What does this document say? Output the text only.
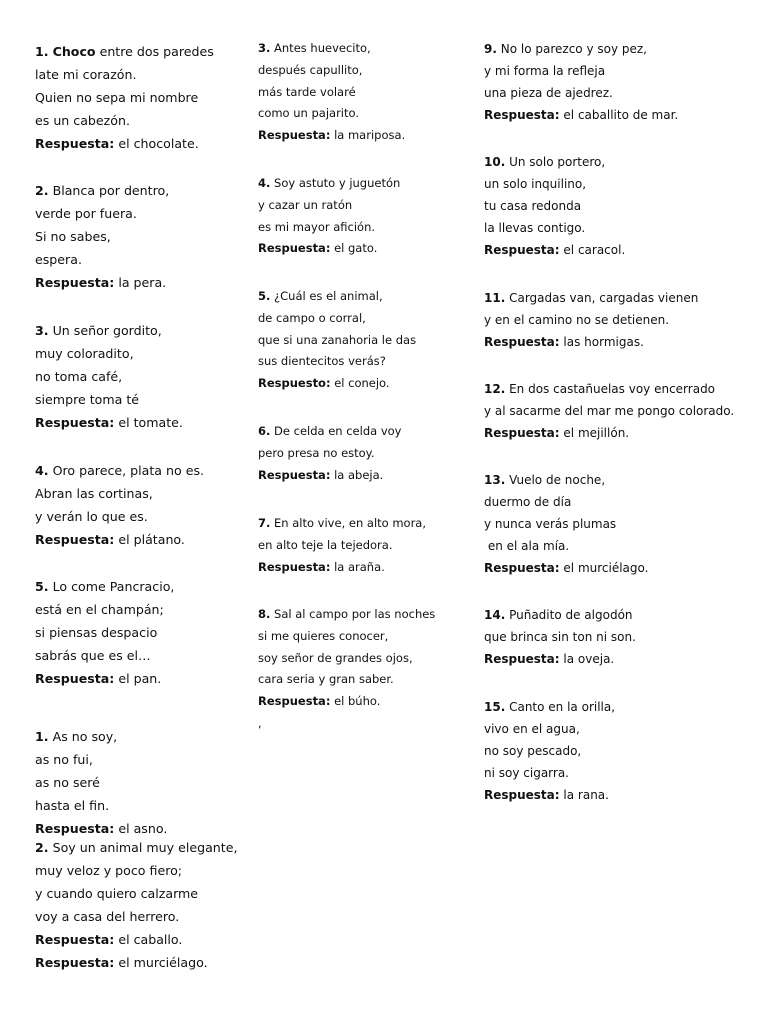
1. Choco entre dos paredes
late mi corazón.
Quien no sepa mi nombre
es un cabezón.
Respuesta: el chocolate.
2. Blanca por dentro,
verde por fuera.
Si no sabes,
espera.
Respuesta: la pera.
3. Un señor gordito,
muy coloradito,
no toma café,
siempre toma té
Respuesta: el tomate.
4. Oro parece, plata no es.
Abran las cortinas,
y verán lo que es.
Respuesta: el plátano.
5. Lo come Pancracio,
está en el champán;
si piensas despacio
sabrás que es el…
Respuesta: el pan.
1. As no soy,
as no fui,
as no seré
hasta el fin.
Respuesta: el asno.
2. Soy un animal muy elegante,
muy veloz y poco fiero;
y cuando quiero calzarme
voy a casa del herrero.
Respuesta: el caballo.
Respuesta: el murciélago.
3. Antes huevecito,
después capullito,
más tarde volaré
como un pajarito.
Respuesta: la mariposa.
4. Soy astuto y juguetón
y cazar un ratón
es mi mayor afición.
Respuesta: el gato.
5. ¿Cuál es el animal,
de campo o corral,
que si una zanahoria le das
sus dientecitos verás?
Respuesto: el conejo.
6. De celda en celda voy
pero presa no estoy.
Respuesta: la abeja.
7. En alto vive, en alto mora,
en alto teje la tejedora.
Respuesta: la araña.
8. Sal al campo por las noches
si me quieres conocer,
soy señor de grandes ojos,
cara seria y gran saber.
Respuesta: el búho.
,
9. No lo parezco y soy pez,
y mi forma la refleja
una pieza de ajedrez.
Respuesta: el caballito de mar.
10. Un solo portero,
un solo inquilino,
tu casa redonda
la llevas contigo.
Respuesta: el caracol.
11. Cargadas van, cargadas vienen
y en el camino no se detienen.
Respuesta: las hormigas.
12. En dos castañuelas voy encerrado
y al sacarme del mar me pongo colorado.
Respuesta: el mejillón.
13. Vuelo de noche,
duermo de día
y nunca verás plumas
en el ala mía.
Respuesta: el murciélago.
14. Puñadito de algodón
que brinca sin ton ni son.
Respuesta: la oveja.
15. Canto en la orilla,
vivo en el agua,
no soy pescado,
ni soy cigarra.
Respuesta: la rana.
